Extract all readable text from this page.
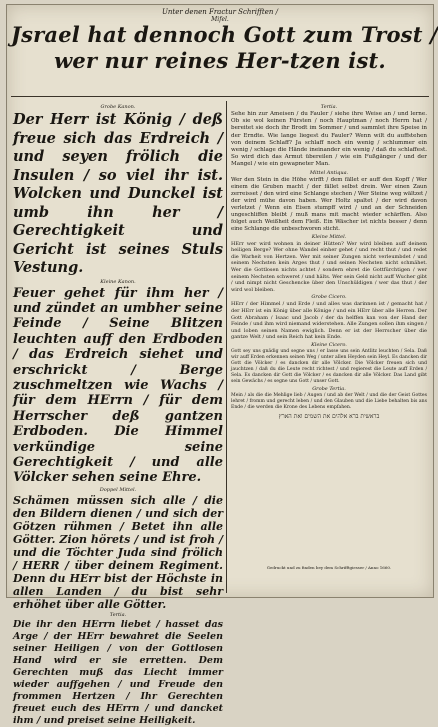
Unter denen Fractur Schrifften /
Mifel.
Jsrael hat dennoch Gott zum Trost /
wer nur reines Her-tzen ist.
Grobe Kanon.

Der Herr ist König / deß freue sich das Erdreich / und seyen frölich die Insulen / so viel ihr ist. Wolcken und Dunckel ist umb ihn her / Gerechtigkeit und Gericht ist seines Stuls Vestung.

Kleine Kanon.

Feuer gehet für ihm her / und zündet an umbher seine Feinde / Seine Blitzen leuchten auff den Erdboden / das Erdreich siehet und erschrickt / Berge zuschmeltzen wie Wachs / für dem HErrn / für dem Herrscher deß gantzen Erdboden. Die Himmel verkündige seine Gerechtigkeit / und alle Völcker sehen seine Ehre.

Doppel Mittel.

Schämen müssen sich alle / die den Bildern dienen / und sich der Götzen rühmen / Betet ihn alle Götter. Zion hörets / und ist froh / und die Töchter Juda sind frölich / HERR / über deinem Regiment. Denn du HErr bist der Höchste in allen Landen / du bist sehr erhöhet über alle Götter.

Tertia.

Die ihr den HErrn liebet / hasset das Arge / der HErr bewahret die Seelen seiner Heiligen / von der Gottlosen Hand wird er sie erretten. Dem Gerechten muß das Liecht immer wieder auffgehen / und Freude den frommen Hertzen / Ihr Gerechten freuet euch des HErrn / und dancket ihm / und preiset seine Heiligkeit.

Tertia.

Sehe hin zur Ameisen / du Fauler / siehe ihre Weise an / und lerne. Ob sie wol keinen Fürsten / noch Hauptman / noch Herrn hat / bereitet sie doch ihr Brodt im Sommer / und sammlet ihre Speise in der Erndte. Wie lange liegest du Fauler? Wenn wilt du auffstehen von deinem Schlaff? Ja schlaff noch ein wenig / schlummer ein wenig / schlage die Hände ineinander ein wenig / daß du schlaffest. So wird dich das Armut übereilen / wie ein Fußgänger / und der Mangel / wie ein gewapneter Man.

Mittel Antiqua.

Wer den Stein in die Höhe wirfft / dem fället er auff den Kopff / Wer einem die Gruben macht / der fället selbst drein. Wer einen Zaun zerreisset / den wird eine Schlange stechen / Wer Steine weg wältzet / der wird mühe davon haben. Wer Holtz spaltet / der wird davon verletzet / Wenn ein Eisen stumpff wird / und an der Schneiden ungeschliffen bleibt / muß mans mit macht wieder schärffen. Also folget auch Weißheit dem Fleiß. Ein Wäscher ist nichts besser / denn eine Schlange die unbeschworen sticht.

Kleine Mittel.

HErr wer wird wohnen in deiner Hütten? Wer wird bleiben auff deinem heiligen Berge? Wer ohne Wandel einher gehet / und recht thut / und redet die Warheit von Hertzen. Wer mit seiner Zungen nicht verleumbdet / und seinem Nechsten kein Arges thut / und seinen Nechsten nicht schmähet. Wer die Gottlosen nichts achtet / sondern ehret die Gottfürchtigen / wer seinem Nechsten schweret / und hälts. Wer sein Geld nicht auff Wucher gibt / und nimpt nicht Geschencke über den Unschüldigen / wer das thut / der wird wol bleiben.

Grobe Cicero.

HErr / der Himmel / und Erde / und alles was darinnen ist / gemacht hat / der HErr ist ein König über alle Könige / und ein HErr über alle Herren. Der Gott Abraham / Isaac und Jacob / der da helffen kan von der Hand der Feinde / und ihm wird niemand widerstehen. Alle Zungen sollen ihm singen / und loben seinen Namen ewiglich. Denn er ist der Herrscher über die gantze Welt / und sein Reich hat kein Ende.

Kleine Cicero.

Gott sey uns gnädig und segne uns / er lasse uns sein Antlitz leuchten / Sela. Daß wir auff Erden erkennen seinen Weg / unter allen Heyden sein Heyl. Es dancken dir Gott die Völcker / es dancken dir alle Völcker. Die Völcker freuen sich und jauchtzen / daß du die Leute recht richtest / und regierest die Leute auff Erden / Sela. Es dancken dir Gott die Völcker / es dancken dir alle Völcker. Das Land gibt sein Gewächs / es segne uns Gott / unser Gott.

Grobe Tertia.

Mein / als die die Mehlige lieb / Augen / und ab der Welt / und die der Geist Gottes lehret / fromm und gerecht leben / und den Glauben und die Liebe behalten bis ans Ende / die werden die Krone des Lebens empfahen.

בראשית ברא אלהים את השמים ואת הארץ

Gedruckt und zu finden bey dem Schrifftgiesser / Anno 1660.
